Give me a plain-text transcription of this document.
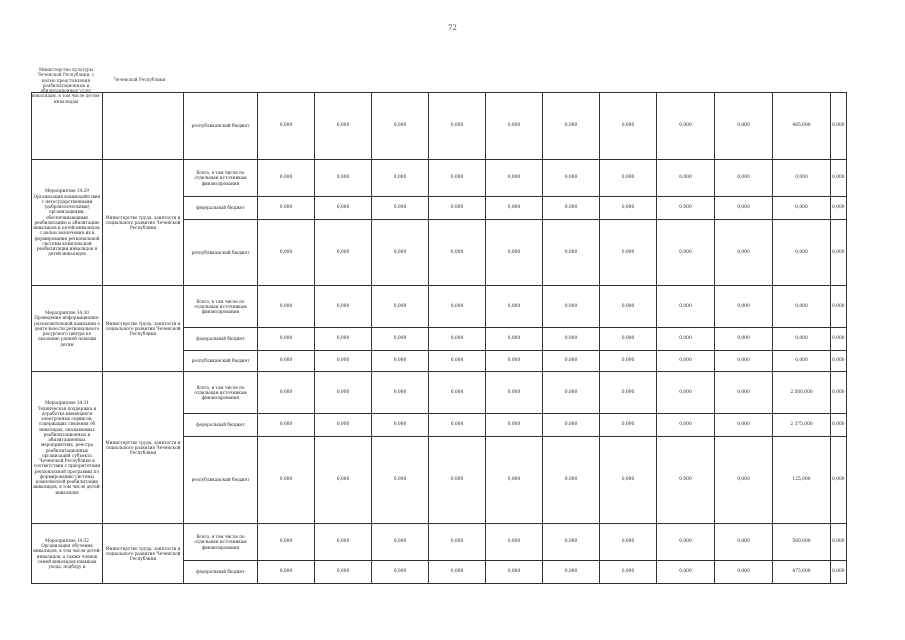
72
Министерство культуры Чеченской Республики, с целью представления реабилитационных и абилитационных услуг инвалидам, в том числе детям-инвалидам
Чеченской Республики
		республиканский бюджет	0,000	0,000	0,000	0,000	0,000	0,000	0,000	0,000	0,000	465,000	0,000
Мероприятие 14.29 Организация взаимодействия с негосударственными (добровольческими) организациями, обеспечивающими реабилитацию и абилитацию инвалидов и детей-инвалидов, с целью вовлечения их в формирование региональной системы комплексной реабилитации инвалидов и детей-инвалидов	Министерство труда, занятости и социального развития Чеченской Республики	Всего, в том числе по отдельным источникам финансирования	0,000	0,000	0,000	0,000	0,000	0,000	0,000	0,000	0,000	0,000	0,000
		федеральный бюджет	0,000	0,000	0,000	0,000	0,000	0,000	0,000	0,000	0,000	0,000	0,000
		республиканский бюджет	0,000	0,000	0,000	0,000	0,000	0,000	0,000	0,000	0,000	0,000	0,000
Мероприятие 14.30 Проведение информационно-разъяснительной кампании о деятельности регионального ресурсного центра по оказанию ранней помощи детям	Министерство труда, занятости и социального развития Чеченской Республики	Всего, в том числе по отдельным источникам финансирования	0,000	0,000	0,000	0,000	0,000	0,000	0,000	0,000	0,000	0,000	0,000
		федеральный бюджет	0,000	0,000	0,000	0,000	0,000	0,000	0,000	0,000	0,000	0,000	0,000
		республиканский бюджет	0,000	0,000	0,000	0,000	0,000	0,000	0,000	0,000	0,000	0,000	0,000
Мероприятие 14.31 Техническая поддержка и доработка имеющихся электронных сервисов, содержащих сведения об инвалидах, оказываемых реабилитационных и абилитационных мероприятиях, реестра реабилитационных организаций субъекта Чеченской Республики в соответствии с приоритетами региональной программы по формированию системы комплексной реабилитации инвалидов, в том числе детей-инвалидов	Министерство труда, занятости и социального развития Чеченской Республики	Всего, в том числе по отдельным источникам финансирования	0,000	0,000	0,000	0,000	0,000	0,000	0,000	0,000	0,000	2 500,000	0,000
		федеральный бюджет	0,000	0,000	0,000	0,000	0,000	0,000	0,000	0,000	0,000	2 375,000	0,000
		республиканский бюджет	0,000	0,000	0,000	0,000	0,000	0,000	0,000	0,000	0,000	125,000	0,000
Мероприятие 14.32 Организация обучения инвалидов, в том числе детей-инвалидов, а также членов семей инвалидов навыкам ухода, подбору и	Министерство труда, занятости и социального развития Чеченской Республики	Всего, в том числе по отдельным источникам финансирования	0,000	0,000	0,000	0,000	0,000	0,000	0,000	0,000	0,000	500,000	0,000
		федеральный бюджет	0,000	0,000	0,000	0,000	0,000	0,000	0,000	0,000	0,000	475,000	0,000
